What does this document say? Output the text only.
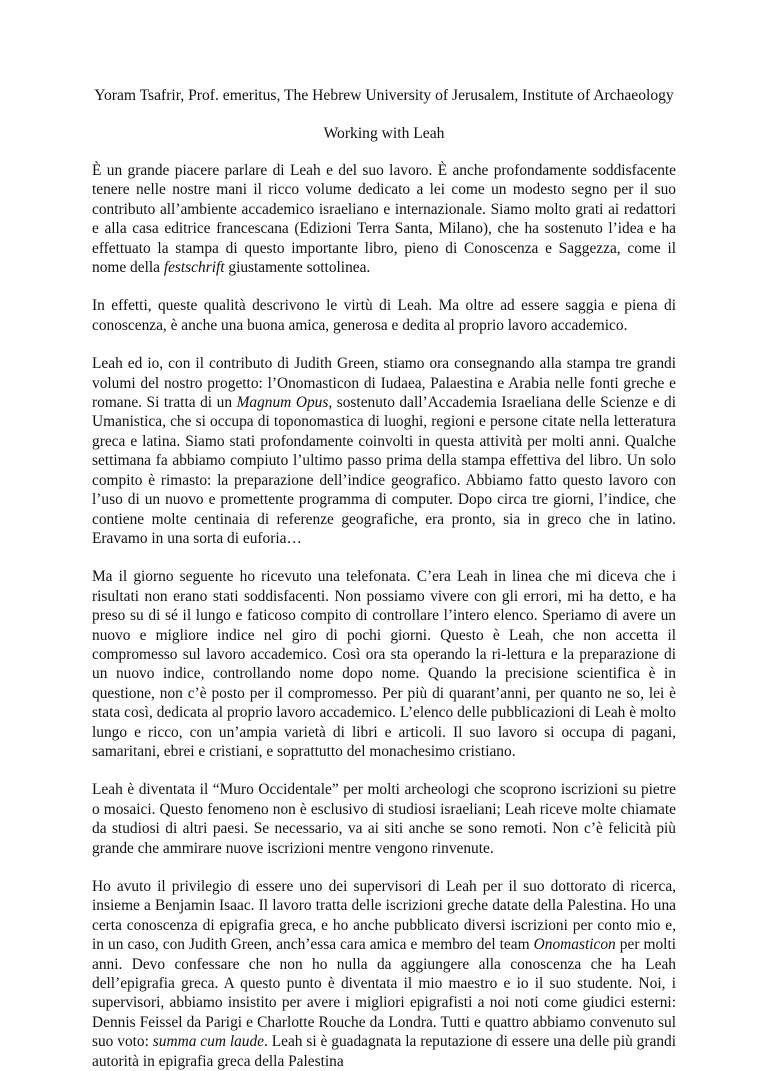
Yoram Tsafrir, Prof. emeritus, The Hebrew University of Jerusalem, Institute of Archaeology

Working with Leah

È un grande piacere parlare di Leah e del suo lavoro. È anche profondamente soddisfacente tenere nelle nostre mani il ricco volume dedicato a lei come un modesto segno per il suo contributo all’ambiente accademico israeliano e internazionale. Siamo molto grati ai redattori e alla casa editrice francescana (Edizioni Terra Santa, Milano), che ha sostenuto l’idea e ha effettuato la stampa di questo importante libro, pieno di Conoscenza e Saggezza, come il nome della festschrift giustamente sottolinea.

In effetti, queste qualità descrivono le virtù di Leah. Ma oltre ad essere saggia e piena di conoscenza, è anche una buona amica, generosa e dedita al proprio lavoro accademico.

Leah ed io, con il contributo di Judith Green, stiamo ora consegnando alla stampa tre grandi volumi del nostro progetto: l’Onomasticon di Iudaea, Palaestina e Arabia nelle fonti greche e romane. Si tratta di un Magnum Opus, sostenuto dall’Accademia Israeliana delle Scienze e di Umanistica, che si occupa di toponomastica di luoghi, regioni e persone citate nella letteratura greca e latina. Siamo stati profondamente coinvolti in questa attività per molti anni. Qualche settimana fa abbiamo compiuto l’ultimo passo prima della stampa effettiva del libro. Un solo compito è rimasto: la preparazione dell’indice geografico. Abbiamo fatto questo lavoro con l’uso di un nuovo e promettente programma di computer. Dopo circa tre giorni, l’indice, che contiene molte centinaia di referenze geografiche, era pronto, sia in greco che in latino. Eravamo in una sorta di euforia…

Ma il giorno seguente ho ricevuto una telefonata. C’era Leah in linea che mi diceva che i risultati non erano stati soddisfacenti. Non possiamo vivere con gli errori, mi ha detto, e ha preso su di sé il lungo e faticoso compito di controllare l’intero elenco. Speriamo di avere un nuovo e migliore indice nel giro di pochi giorni. Questo è Leah, che non accetta il compromesso sul lavoro accademico. Così ora sta operando la ri-lettura e la preparazione di un nuovo indice, controllando nome dopo nome. Quando la precisione scientifica è in questione, non c’è posto per il compromesso. Per più di quarant’anni, per quanto ne so, lei è stata così, dedicata al proprio lavoro accademico. L’elenco delle pubblicazioni di Leah è molto lungo e ricco, con un’ampia varietà di libri e articoli. Il suo lavoro si occupa di pagani, samaritani, ebrei e cristiani, e soprattutto del monachesimo cristiano.

Leah è diventata il “Muro Occidentale” per molti archeologi che scoprono iscrizioni su pietre o mosaici. Questo fenomeno non è esclusivo di studiosi israeliani; Leah riceve molte chiamate da studiosi di altri paesi. Se necessario, va ai siti anche se sono remoti. Non c’è felicità più grande che ammirare nuove iscrizioni mentre vengono rinvenute.

Ho avuto il privilegio di essere uno dei supervisori di Leah per il suo dottorato di ricerca, insieme a Benjamin Isaac. Il lavoro tratta delle iscrizioni greche datate della Palestina. Ho una certa conoscenza di epigrafia greca, e ho anche pubblicato diversi iscrizioni per conto mio e, in un caso, con Judith Green, anch’essa cara amica e membro del team Onomasticon per molti anni. Devo confessare che non ho nulla da aggiungere alla conoscenza che ha Leah dell’epigrafia greca. A questo punto è diventata il mio maestro e io il suo studente. Noi, i supervisori, abbiamo insistito per avere i migliori epigrafisti a noi noti come giudici esterni: Dennis Feissel da Parigi e Charlotte Rouche da Londra. Tutti e quattro abbiamo convenuto sul suo voto: summa cum laude. Leah si è guadagnata la reputazione di essere una delle più grandi autorità in epigrafia greca della Palestina
